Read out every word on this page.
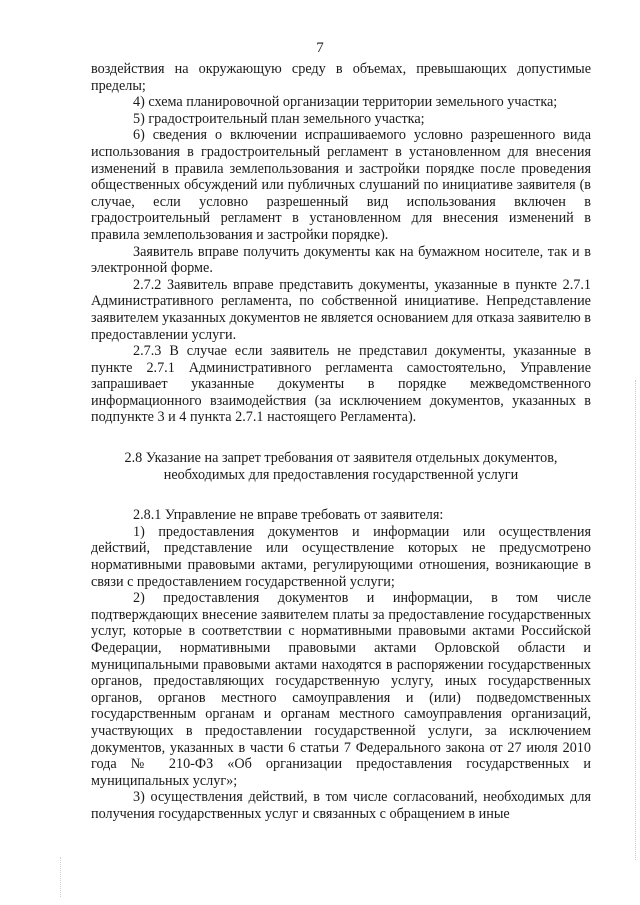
7

воздействия на окружающую среду в объемах, превышающих допустимые пределы;

4) схема планировочной организации территории земельного участка;

5) градостроительный план земельного участка;

6) сведения о включении испрашиваемого условно разрешенного вида использования в градостроительный регламент в установленном для внесения изменений в правила землепользования и застройки порядке после проведения общественных обсуждений или публичных слушаний по инициативе заявителя (в случае, если условно разрешенный вид использования включен в градостроительный регламент в установленном для внесения изменений в правила землепользования и застройки порядке).

Заявитель вправе получить документы как на бумажном носителе, так и в электронной форме.

2.7.2 Заявитель вправе представить документы, указанные в пункте 2.7.1 Административного регламента, по собственной инициативе. Непредставление заявителем указанных документов не является основанием для отказа заявителю в предоставлении услуги.

2.7.3 В случае если заявитель не представил документы, указанные в пункте 2.7.1 Административного регламента самостоятельно, Управление запрашивает указанные документы в порядке межведомственного информационного взаимодействия (за исключением документов, указанных в подпункте 3 и 4 пункта 2.7.1 настоящего Регламента).

2.8 Указание на запрет требования от заявителя отдельных документов,
необходимых для предоставления государственной услуги

2.8.1 Управление не вправе требовать от заявителя:

1) предоставления документов и информации или осуществления действий, представление или осуществление которых не предусмотрено нормативными правовыми актами, регулирующими отношения, возникающие в связи с предоставлением государственной услуги;

2) предоставления документов и информации, в том числе подтверждающих внесение заявителем платы за предоставление государственных услуг, которые в соответствии с нормативными правовыми актами Российской Федерации, нормативными правовыми актами Орловской области и муниципальными правовыми актами находятся в распоряжении государственных органов, предоставляющих государственную услугу, иных государственных органов, органов местного самоуправления и (или) подведомственных государственным органам и органам местного самоуправления организаций, участвующих в предоставлении государственной услуги, за исключением документов, указанных в части 6 статьи 7 Федерального закона от 27 июля 2010 года № 210-ФЗ «Об организации предоставления государственных и муниципальных услуг»;

3) осуществления действий, в том числе согласований, необходимых для получения государственных услуг и связанных с обращением в иные
